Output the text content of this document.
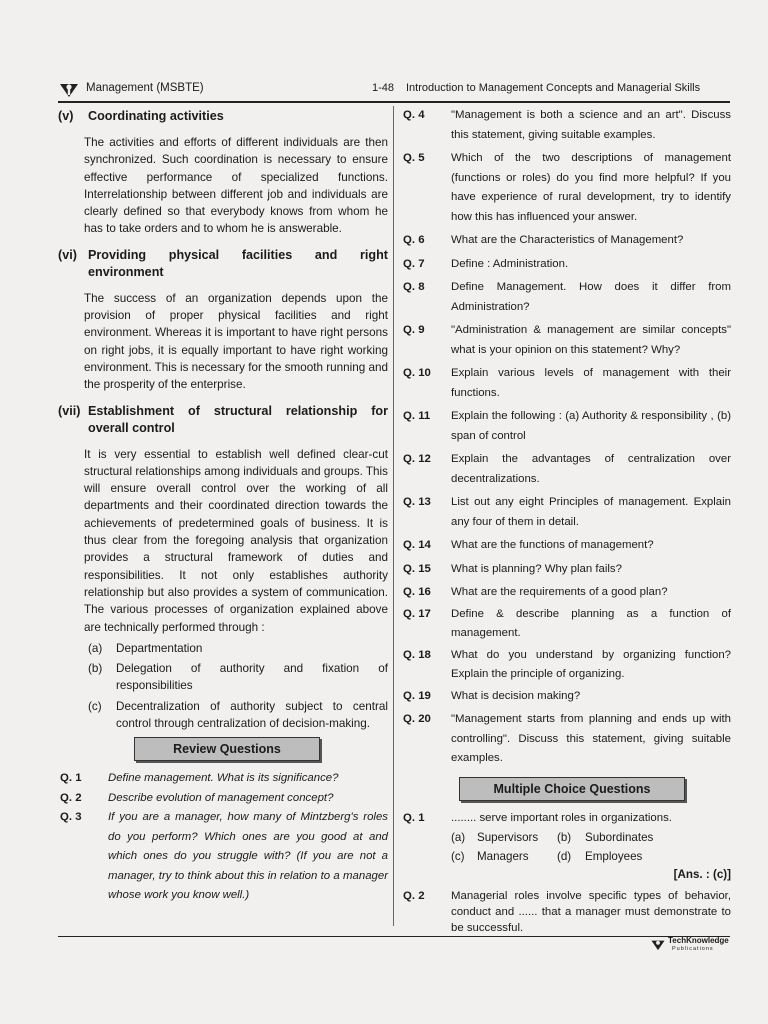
Management (MSBTE)	1-48 Introduction to Management Concepts and Managerial Skills
(v) Coordinating activities
The activities and efforts of different individuals are then synchronized. Such coordination is necessary to ensure effective performance of specialized functions. Interrelationship between different job and individuals are clearly defined so that everybody knows from whom he has to take orders and to whom he is answerable.
(vi) Providing physical facilities and right
environment
The success of an organization depends upon the provision of proper physical facilities and right environment. Whereas it is important to have right persons on right jobs, it is equally important to have right working environment. This is necessary for the smooth running and the prosperity of the enterprise.
(vii) Establishment of structural relationship for
overall control
It is very essential to establish well defined clear-cut structural relationships among individuals and groups. This will ensure overall control over the working of all departments and their coordinated direction towards the achievements of predetermined goals of business. It is thus clear from the foregoing analysis that organization provides a structural framework of duties and responsibilities. It not only establishes authority relationship but also provides a system of communication. The various processes of organization explained above are technically performed through :
(a) Departmentation
(b) Delegation of authority and fixation of responsibilities
(c) Decentralization of authority subject to central control through centralization of decision-making.
Review Questions
Q. 1 Define management. What is its significance?
Q. 2 Describe evolution of management concept?
Q. 3 If you are a manager, how many of Mintzberg's roles do you perform? Which ones are you good at and which ones do you struggle with? (If you are not a manager, try to think about this in relation to a manager whose work you know well.)
Q. 4 "Management is both a science and an art". Discuss this statement, giving suitable examples.
Q. 5 Which of the two descriptions of management (functions or roles) do you find more helpful? If you have experience of rural development, try to identify how this has influenced your answer.
Q. 6 What are the Characteristics of Management?
Q. 7 Define : Administration.
Q. 8 Define Management. How does it differ from Administration?
Q. 9 "Administration & management are similar concepts" what is your opinion on this statement? Why?
Q. 10 Explain various levels of management with their functions.
Q. 11 Explain the following : (a) Authority & responsibility , (b) span of control
Q. 12 Explain the advantages of centralization over decentralizations.
Q. 13 List out any eight Principles of management. Explain any four of them in detail.
Q. 14 What are the functions of management?
Q. 15 What is planning? Why plan fails?
Q. 16 What are the requirements of a good plan?
Q. 17 Define & describe planning as a function of management.
Q. 18 What do you understand by organizing function? Explain the principle of organizing.
Q. 19 What is decision making?
Q. 20 "Management starts from planning and ends up with controlling". Discuss this statement, giving suitable examples.
Multiple Choice Questions
Q. 1 ........ serve important roles in organizations.
(a) Supervisors (b) Subordinates
(c) Managers (d) Employees
[Ans. : (c)]
Q. 2 Managerial roles involve specific types of behavior, conduct and ...... that a manager must demonstrate to be successful.
TechKnowledge
Publications
